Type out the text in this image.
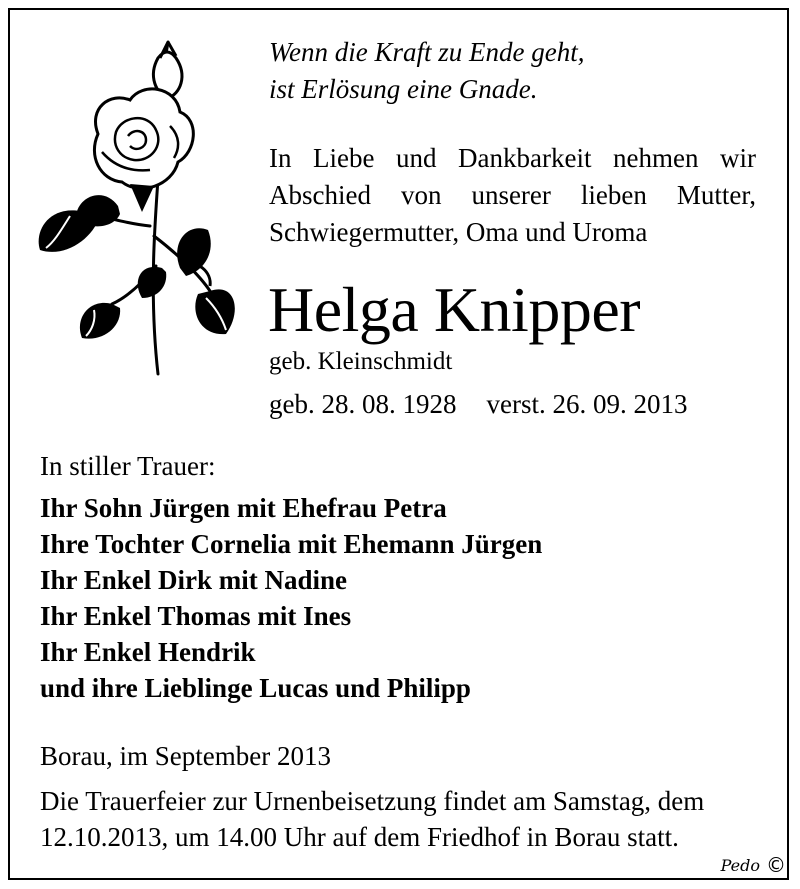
Wenn die Kraft zu Ende geht,
ist Erlösung eine Gnade.
In Liebe und Dankbarkeit nehmen wir
Abschied von unserer lieben Mutter,
Schwiegermutter, Oma und Uroma
Helga Knipper
geb. Kleinschmidt
geb. 28. 08. 1928 verst. 26. 09. 2013
In stiller Trauer:
Ihr Sohn Jürgen mit Ehefrau Petra
Ihre Tochter Cornelia mit Ehemann Jürgen
Ihr Enkel Dirk mit Nadine
Ihr Enkel Thomas mit Ines
Ihr Enkel Hendrik
und ihre Lieblinge Lucas und Philipp
Borau, im September 2013
Die Trauerfeier zur Urnenbeisetzung findet am Samstag, dem
12.10.2013, um 14.00 Uhr auf dem Friedhof in Borau statt.
Pedo ©
